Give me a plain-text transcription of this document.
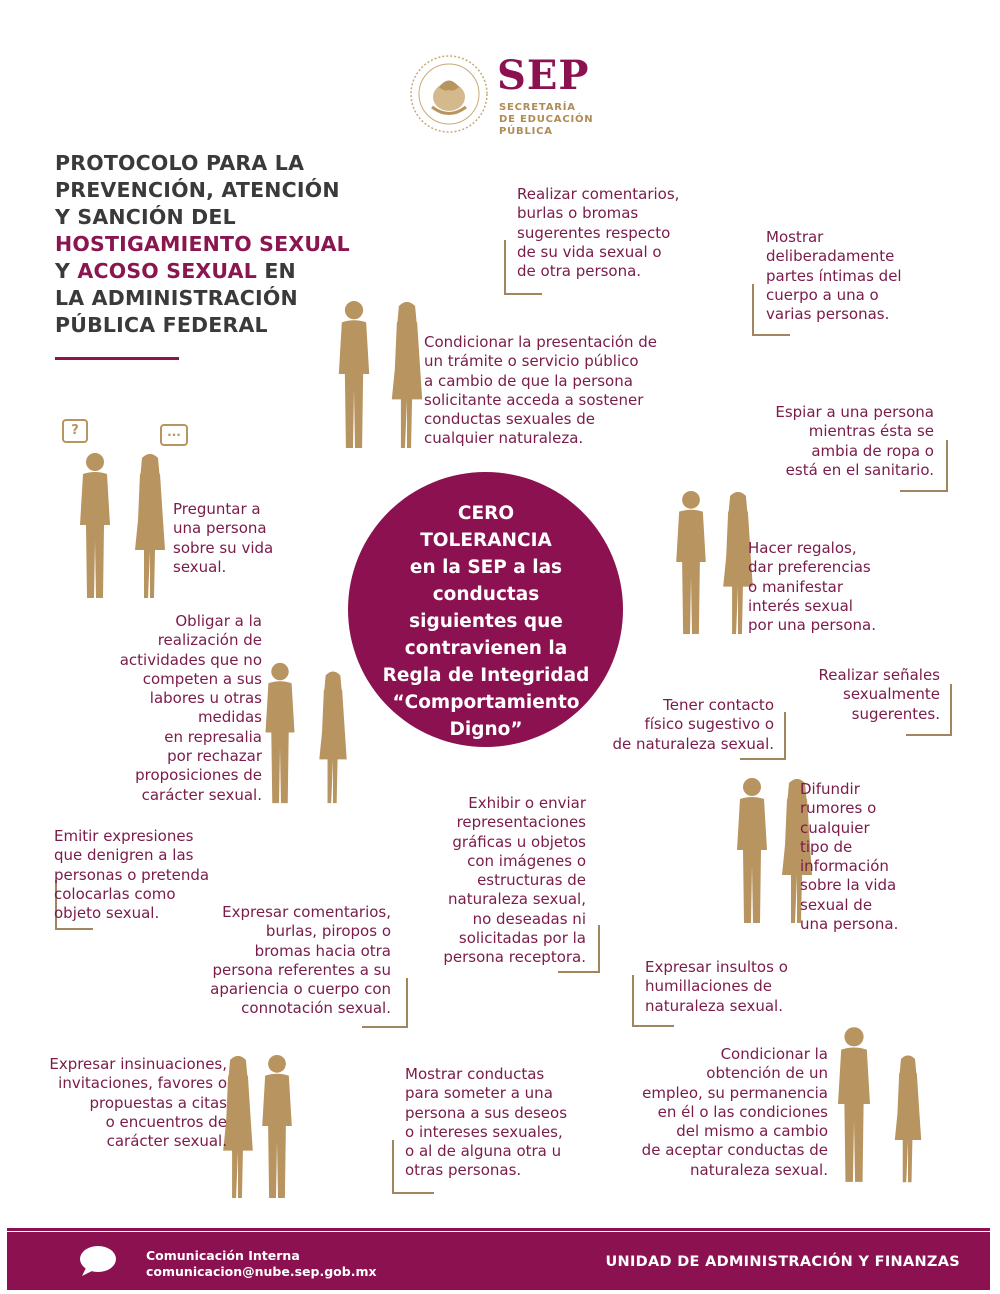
SEP
SECRETARÍA
DE EDUCACIÓN
PÚBLICA
PROTOCOLO PARA LA
PREVENCIÓN, ATENCIÓN
Y SANCIÓN DEL
HOSTIGAMIENTO SEXUAL
Y ACOSO SEXUAL EN
LA ADMINISTRACIÓN
PÚBLICA FEDERAL
CERO
TOLERANCIA
en la SEP a las
conductas
siguientes que
contravienen la
Regla de Integridad
“Comportamiento
Digno”
?	...
Realizar comentarios,
burlas o bromas
sugerentes respecto
de su vida sexual o
de otra persona.
Mostrar
deliberadamente
partes íntimas del
cuerpo a una o
varias personas.
Condicionar la presentación de
un trámite o servicio público
a cambio de que la persona
solicitante acceda a sostener
conductas sexuales de
cualquier naturaleza.
Espiar a una persona
mientras ésta se
ambia de ropa o
está en el sanitario.
Preguntar a
una persona
sobre su vida
sexual.
Hacer regalos,
dar preferencias
o manifestar
interés sexual
por una persona.
Obligar a la
realización de
actividades que no
competen a sus
labores u otras
medidas
en represalia
por rechazar
proposiciones de
carácter sexual.
Realizar señales
sexualmente
sugerentes.
Tener contacto
físico sugestivo o
de naturaleza sexual.
Emitir expresiones
que denigren a las
personas o pretenda
colocarlas como
objeto sexual.
Exhibir o enviar
representaciones
gráficas u objetos
con imágenes o
estructuras de
naturaleza sexual,
no deseadas ni
solicitadas por la
persona receptora.
Difundir
rumores o
cualquier
tipo de
información
sobre la vida
sexual de
una persona.
Expresar comentarios,
burlas, piropos o
bromas hacia otra
persona referentes a su
apariencia o cuerpo con
connotación sexual.
Expresar insultos o
humillaciones de
naturaleza sexual.
Expresar insinuaciones,
invitaciones, favores o
propuestas a citas
o encuentros de
carácter sexual.
Mostrar conductas
para someter a una
persona a sus deseos
o intereses sexuales,
o al de alguna otra u
otras personas.
Condicionar la
obtención de un
empleo, su permanencia
en él o las condiciones
del mismo a cambio
de aceptar conductas de
naturaleza sexual.
Comunicación Interna
comunicacion@nube.sep.gob.mx
UNIDAD DE ADMINISTRACIÓN Y FINANZAS
